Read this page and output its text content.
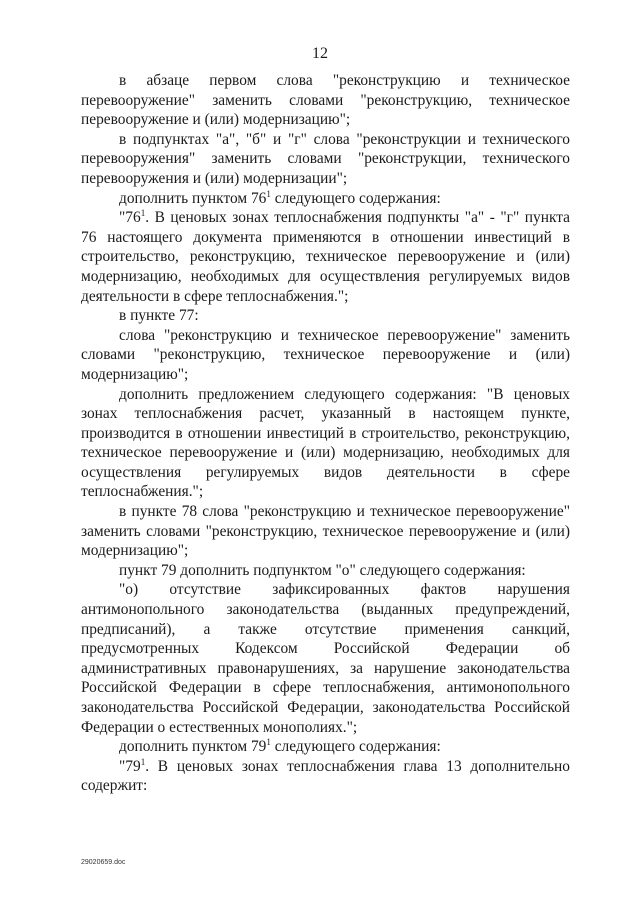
12

в абзаце первом слова "реконструкцию и техническое перевооружение" заменить словами "реконструкцию, техническое перевооружение и (или) модернизацию";

в подпунктах "а", "б" и "г" слова "реконструкции и технического перевооружения" заменить словами "реконструкции, технического перевооружения и (или) модернизации";

дополнить пунктом $76^1$ следующего содержания:

"$76^1$. В ценовых зонах теплоснабжения подпункты "а" - "г" пункта 76 настоящего документа применяются в отношении инвестиций в строительство, реконструкцию, техническое перевооружение и (или) модернизацию, необходимых для осуществления регулируемых видов деятельности в сфере теплоснабжения.";

в пункте 77:

слова "реконструкцию и техническое перевооружение" заменить словами "реконструкцию, техническое перевооружение и (или) модернизацию";

дополнить предложением следующего содержания: "В ценовых зонах теплоснабжения расчет, указанный в настоящем пункте, производится в отношении инвестиций в строительство, реконструкцию, техническое перевооружение и (или) модернизацию, необходимых для осуществления регулируемых видов деятельности в сфере теплоснабжения.";

в пункте 78 слова "реконструкцию и техническое перевооружение" заменить словами "реконструкцию, техническое перевооружение и (или) модернизацию";

пункт 79 дополнить подпунктом "о" следующего содержания:

"о) отсутствие зафиксированных фактов нарушения антимонопольного законодательства (выданных предупреждений, предписаний), а также отсутствие применения санкций, предусмотренных Кодексом Российской Федерации об административных правонарушениях, за нарушение законодательства Российской Федерации в сфере теплоснабжения, антимонопольного законодательства Российской Федерации, законодательства Российской Федерации о естественных монополиях.";

дополнить пунктом $79^1$ следующего содержания:

"$79^1$. В ценовых зонах теплоснабжения глава 13 дополнительно содержит:

29020659.doc
